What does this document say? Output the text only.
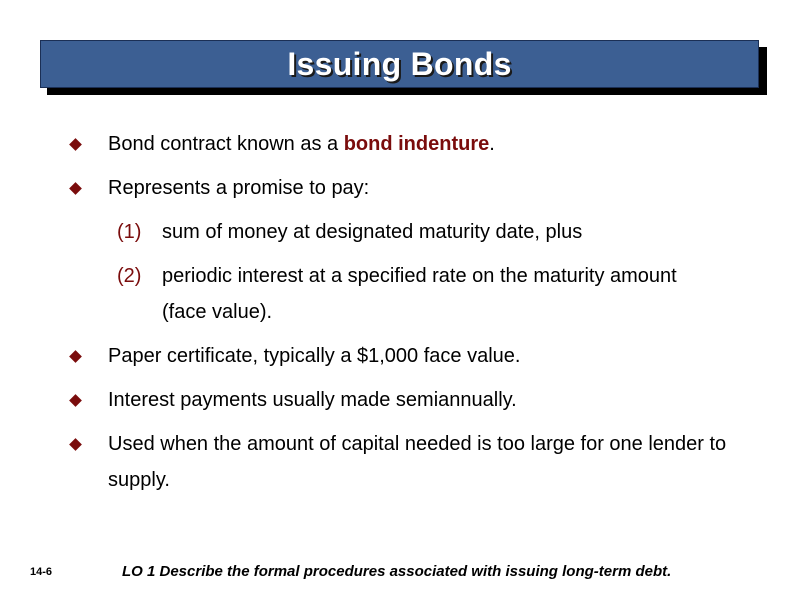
Issuing Bonds
Bond contract known as a bond indenture.
Represents a promise to pay:
(1)	sum of money at designated maturity date, plus
(2)	periodic interest at a specified rate on the maturity amount (face value).
Paper certificate, typically a $1,000 face value.
Interest payments usually made semiannually.
Used when the amount of capital needed is too large for one lender to supply.
14-6	LO 1 Describe the formal procedures associated with issuing long-term debt.
